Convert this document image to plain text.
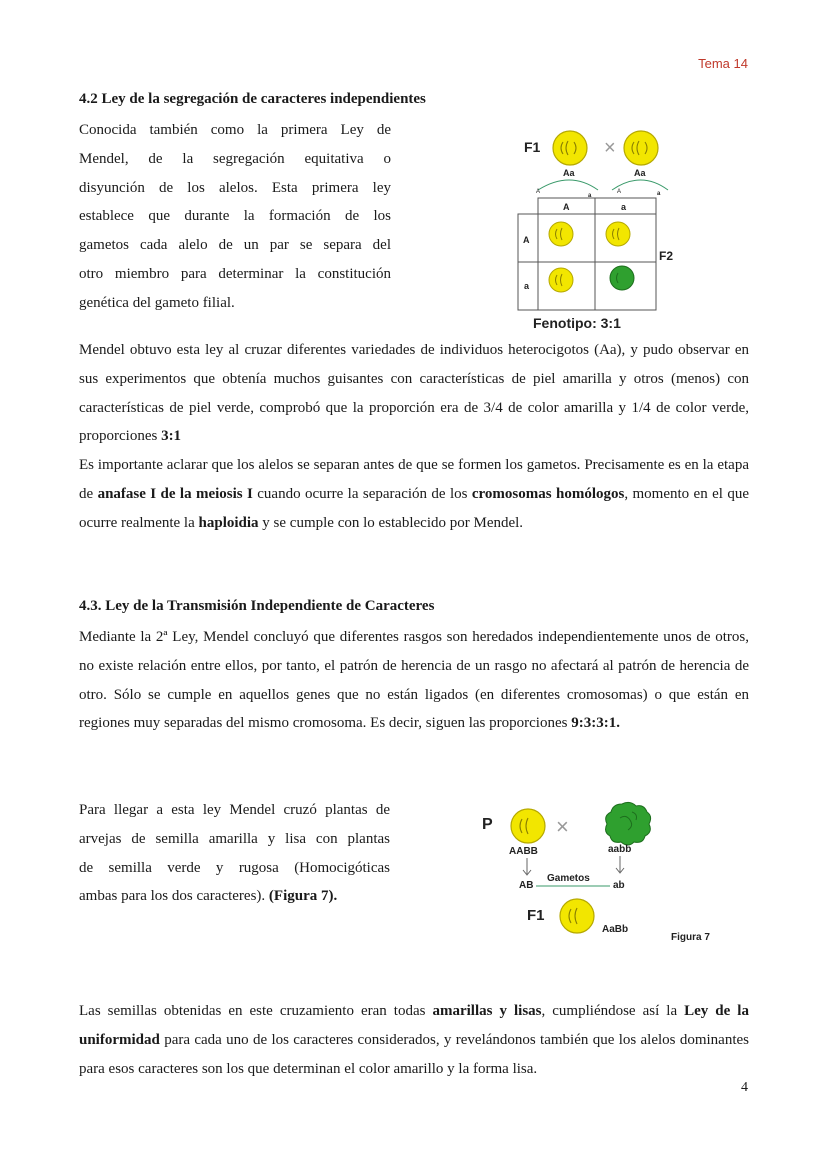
Tema 14
4.2 Ley de la segregación de caracteres independientes
Conocida también como la primera Ley de
Mendel, de la segregación equitativa o
disyunción de los alelos. Esta primera ley
establece que durante la formación de los
gametos cada alelo de un par se separa del
otro miembro para determinar la constitución
genética del gameto filial.
F1	×
Aa	Aa
A
a
A	a
A	a
A
a
F2
Fenotipo: 3:1
Mendel obtuvo esta ley al cruzar diferentes variedades de individuos heterocigotos (Aa), y pudo observar en sus experimentos que obtenía muchos guisantes con características de piel amarilla y otros (menos) con características de piel verde, comprobó que la proporción era de 3/4 de color amarilla y 1/4 de color verde, proporciones 3:1
Es importante aclarar que los alelos se separan antes de que se formen los gametos. Precisamente es en la etapa de anafase I de la meiosis I cuando ocurre la separación de los cromosomas homólogos, momento en el que ocurre realmente la haploidia y se cumple con lo establecido por Mendel.
4.3. Ley de la Transmisión Independiente de Caracteres
Mediante la 2ª Ley, Mendel concluyó que diferentes rasgos son heredados independientemente unos de otros, no existe relación entre ellos, por tanto, el patrón de herencia de un rasgo no afectará al patrón de herencia de otro. Sólo se cumple en aquellos genes que no están ligados (en diferentes cromosomas) o que están en regiones muy separadas del mismo cromosoma. Es decir, siguen las proporciones 9:3:3:1.
Para llegar a esta ley Mendel cruzó plantas de
arvejas de semilla amarilla y lisa con plantas
de semilla verde y rugosa (Homocigóticas
ambas para los dos caracteres). (Figura 7).
P	×
AABB	aabb
AB	ab
Gametos
F1
AaBb
Figura 7
Las semillas obtenidas en este cruzamiento eran todas amarillas y lisas, cumpliéndose así la Ley de la uniformidad para cada uno de los caracteres considerados, y revelándonos también que los alelos dominantes para esos caracteres son los que determinan el color amarillo y la forma lisa.
4
